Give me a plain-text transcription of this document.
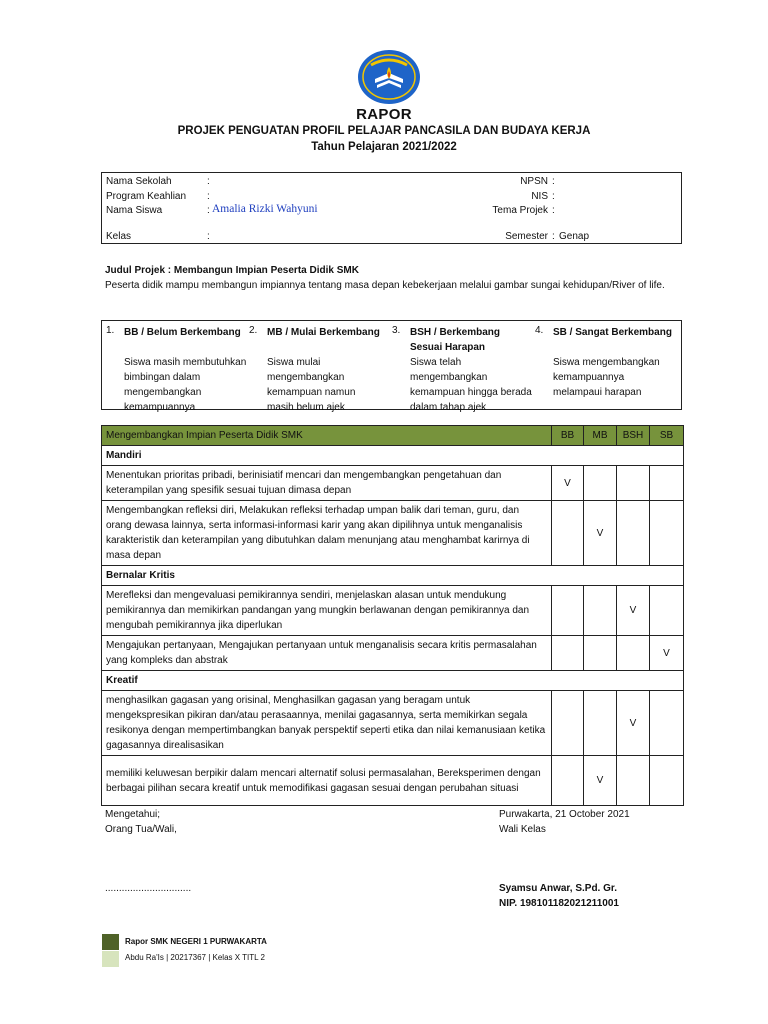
RAPOR
PROJEK PENGUATAN PROFIL PELAJAR PANCASILA DAN BUDAYA KERJA
Tahun Pelajaran 2021/2022
Nama Sekolah	:	NPSN :
Program Keahlian :	NIS :
Nama Siswa	: Amalia Rizki Wahyuni	Tema Projek :
Kelas	:	Semester : Genap
Judul Projek : Membangun Impian Peserta Didik SMK
Peserta didik mampu membangun impiannya tentang masa depan kebekerjaan melalui gambar sungai kehidupan/River of life.
1. BB / Belum Berkembang
Siswa masih membutuhkan bimbingan dalam mengembangkan kemampuannya
2. MB / Mulai Berkembang
Siswa mulai mengembangkan kemampuan namun masih belum ajek
3. BSH / Berkembang Sesuai Harapan
Siswa telah mengembangkan kemampuan hingga berada dalam tahap ajek
4. SB / Sangat Berkembang
Siswa mengembangkan kemampuannya melampaui harapan
Mengembangkan Impian Peserta Didik SMK	BB	MB	BSH	SB
Mandiri				
Menentukan prioritas pribadi, berinisiatif mencari dan mengembangkan pengetahuan dan keterampilan yang spesifik sesuai tujuan dimasa depan	V			
Mengembangkan refleksi diri, Melakukan refleksi terhadap umpan balik dari teman, guru, dan orang dewasa lainnya, serta informasi-informasi karir yang akan dipilihnya untuk menganalisis karakteristik dan keterampilan yang dibutuhkan dalam menunjang atau menghambat karirnya di masa depan		V		
Bernalar Kritis				
Merefleksi dan mengevaluasi pemikirannya sendiri, menjelaskan alasan untuk mendukung pemikirannya dan memikirkan pandangan yang mungkin berlawanan dengan pemikirannya dan mengubah pemikirannya jika diperlukan			V	
Mengajukan pertanyaan, Mengajukan pertanyaan untuk menganalisis secara kritis permasalahan yang kompleks dan abstrak				V
Kreatif				
menghasilkan gagasan yang orisinal, Menghasilkan gagasan yang beragam untuk mengekspresikan pikiran dan/atau perasaannya, menilai gagasannya, serta memikirkan segala resikonya dengan mempertimbangkan banyak perspektif seperti etika dan nilai kemanusiaan ketika gagasannya direalisasikan			V	
memiliki keluwesan berpikir dalam mencari alternatif solusi permasalahan, Bereksperimen dengan berbagai pilihan secara kreatif untuk memodifikasi gagasan sesuai dengan perubahan situasi		V		
Mengetahui;
Orang Tua/Wali,
...............................
Purwakarta, 21 October 2021
Wali Kelas
Syamsu Anwar, S.Pd. Gr.
NIP. 198101182021211001
Rapor SMK NEGERI 1 PURWAKARTA
Abdu Ra'Is | 20217367 | Kelas X TITL 2
